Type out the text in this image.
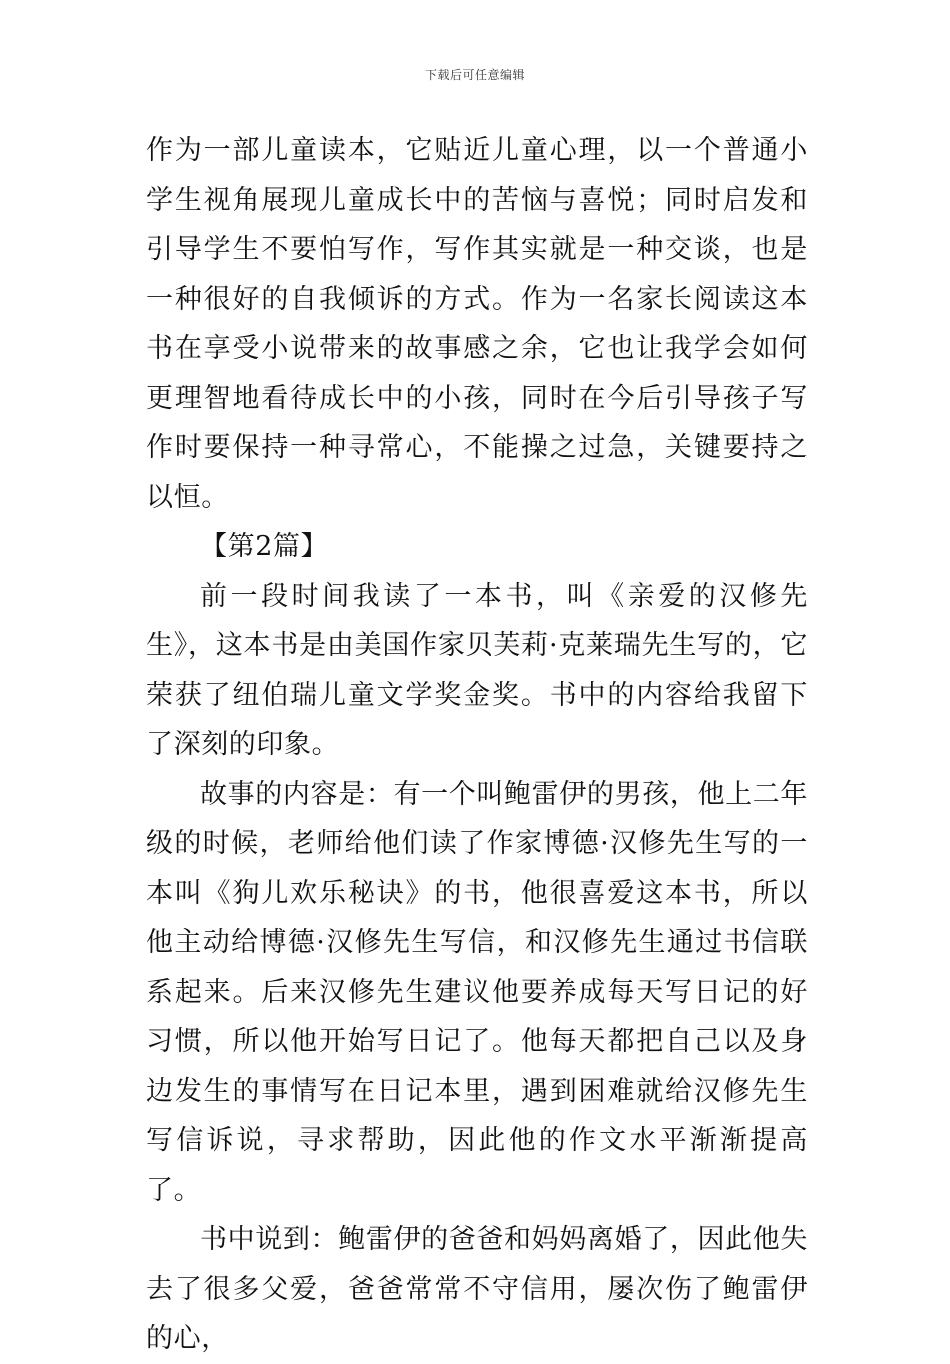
下载后可任意编辑

作为一部儿童读本，它贴近儿童心理，以一个普通小学生视角展现儿童成长中的苦恼与喜悦；同时启发和引导学生不要怕写作，写作其实就是一种交谈，也是一种很好的自我倾诉的方式。作为一名家长阅读这本书在享受小说带来的故事感之余，它也让我学会如何更理智地看待成长中的小孩，同时在今后引导孩子写作时要保持一种寻常心，不能操之过急，关键要持之以恒。

【第2篇】

前一段时间我读了一本书，叫《亲爱的汉修先生》，这本书是由美国作家贝芙莉·克莱瑞先生写的，它荣获了纽伯瑞儿童文学奖金奖。书中的内容给我留下了深刻的印象。

故事的内容是：有一个叫鲍雷伊的男孩，他上二年级的时候，老师给他们读了作家博德·汉修先生写的一本叫《狗儿欢乐秘诀》的书，他很喜爱这本书，所以他主动给博德·汉修先生写信，和汉修先生通过书信联系起来。后来汉修先生建议他要养成每天写日记的好习惯，所以他开始写日记了。他每天都把自己以及身边发生的事情写在日记本里，遇到困难就给汉修先生写信诉说，寻求帮助，因此他的作文水平渐渐提高了。

书中说到：鲍雷伊的爸爸和妈妈离婚了，因此他失去了很多父爱，爸爸常常不守信用，屡次伤了鲍雷伊的心，
